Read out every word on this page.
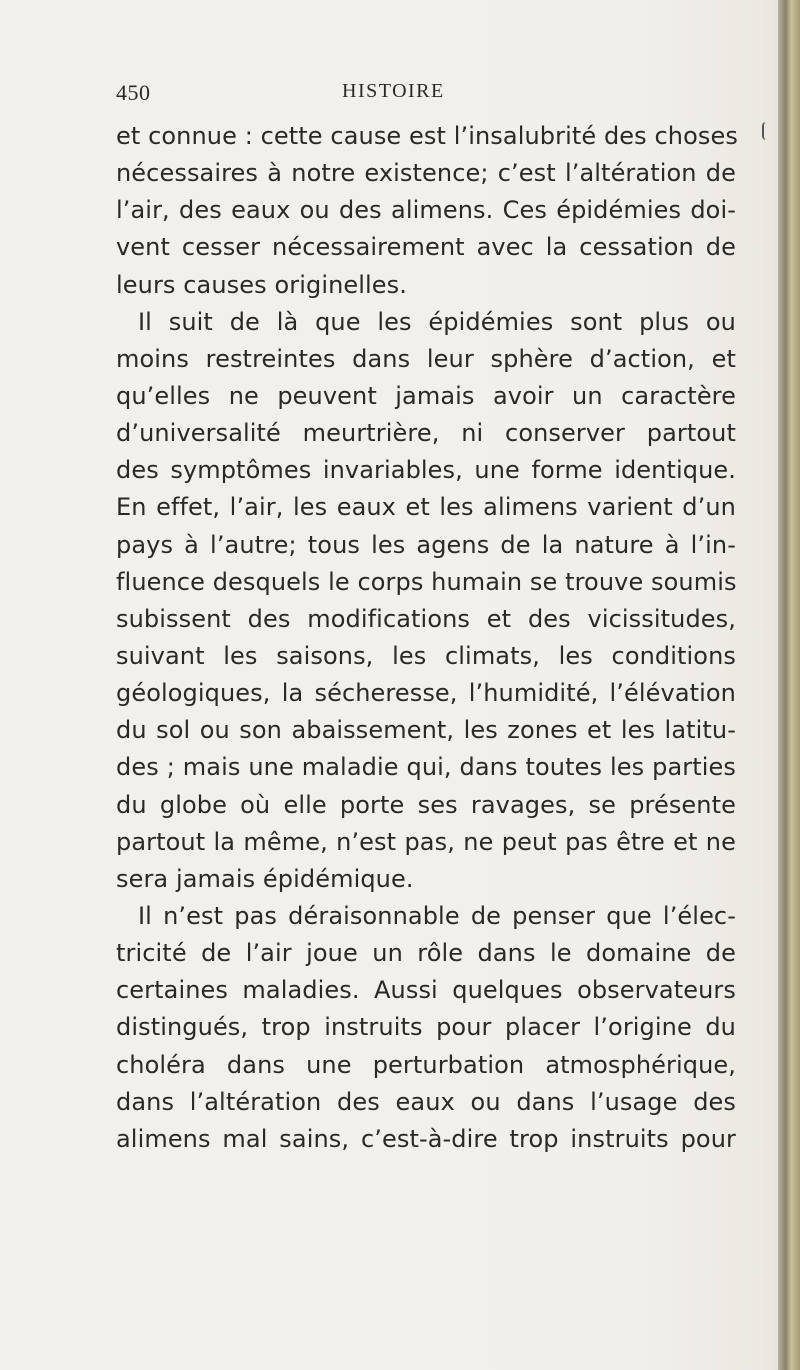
450	HISTOIRE
et connue : cette cause est l’insalubrité des choses
nécessaires à notre existence; c’est l’altération de
l’air, des eaux ou des alimens. Ces épidémies doi-
vent cesser nécessairement avec la cessation de
leurs causes originelles.
Il suit de là que les épidémies sont plus ou
moins restreintes dans leur sphère d’action, et
qu’elles ne peuvent jamais avoir un caractère
d’universalité meurtrière, ni conserver partout
des symptômes invariables, une forme identique.
En effet, l’air, les eaux et les alimens varient d’un
pays à l’autre; tous les agens de la nature à l’in-
fluence desquels le corps humain se trouve soumis
subissent des modifications et des vicissitudes,
suivant les saisons, les climats, les conditions
géologiques, la sécheresse, l’humidité, l’élévation
du sol ou son abaissement, les zones et les latitu-
des ; mais une maladie qui, dans toutes les parties
du globe où elle porte ses ravages, se présente
partout la même, n’est pas, ne peut pas être et ne
sera jamais épidémique.
Il n’est pas déraisonnable de penser que l’élec-
tricité de l’air joue un rôle dans le domaine de
certaines maladies. Aussi quelques observateurs
distingués, trop instruits pour placer l’origine du
choléra dans une perturbation atmosphérique,
dans l’altération des eaux ou dans l’usage des
alimens mal sains, c’est-à-dire trop instruits pour
